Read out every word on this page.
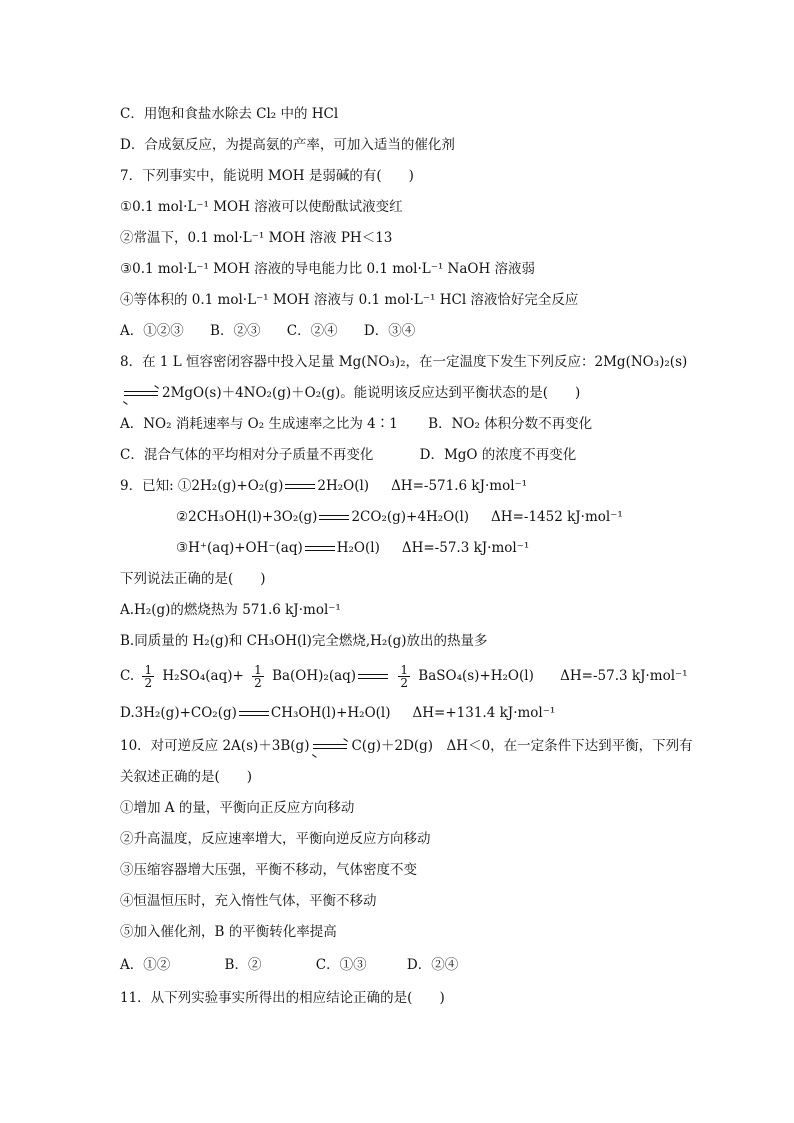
C．用饱和食盐水除去 Cl₂ 中的 HCl
D．合成氨反应，为提高氨的产率，可加入适当的催化剂
7．下列事实中，能说明 MOH 是弱碱的有(　　)
①0.1 mol·L⁻¹ MOH 溶液可以使酚酞试液变红
②常温下，0.1 mol·L⁻¹ MOH 溶液 PH＜13
③0.1 mol·L⁻¹ MOH 溶液的导电能力比 0.1 mol·L⁻¹ NaOH 溶液弱
④等体积的 0.1 mol·L⁻¹ MOH 溶液与 0.1 mol·L⁻¹ HCl 溶液恰好完全反应
A．①②③ B．②③ C．②④ D．③④
8．在 1 L 恒容密闭容器中投入足量 Mg(NO₃)₂，在一定温度下发生下列反应：2Mg(NO₃)₂(s)
→ 2MgO(s)＋4NO₂(g)＋O₂(g)。能说明该反应达到平衡状态的是(　　)
A．NO₂ 消耗速率与 O₂ 生成速率之比为 4∶1 B．NO₂ 体积分数不再变化
C．混合气体的平均相对分子质量不再变化	D．MgO 的浓度不再变化
9．已知: ①2H₂(g)+O₂(g)	2H₂O(l) ΔH=-571.6 kJ·mol⁻¹
②2CH₃OH(l)+3O₂(g)	2CO₂(g)+4H₂O(l) ΔH=-1452 kJ·mol⁻¹
③H⁺(aq)+OH⁻(aq)	H₂O(l) ΔH=-57.3 kJ·mol⁻¹
下列说法正确的是(　　)
A.H₂(g)的燃烧热为 571.6 kJ·mol⁻¹
B.同质量的 H₂(g)和 CH₃OH(l)完全燃烧,H₂(g)放出的热量多
C. $\frac{1}{2} H_2SO_4(aq)+ \frac{1}{2} Ba(OH)_2(aq)$	$\frac{1}{2}$ BaSO₄(s)+H₂O(l) ΔH=-57.3 kJ·mol⁻¹
D.3H₂(g)+CO₂(g)	CH₃OH(l)+H₂O(l) ΔH=+131.4 kJ·mol⁻¹
10．对可逆反应 2A(s)＋3B(g) → C(g)＋2D(g)　ΔH＜0，在一定条件下达到平衡，下列有
关叙述正确的是(　　)
①增加 A 的量，平衡向正反应方向移动
②升高温度，反应速率增大，平衡向逆反应方向移动
③压缩容器增大压强，平衡不移动，气体密度不变
④恒温恒压时，充入惰性气体，平衡不移动
⑤加入催化剂，B 的平衡转化率提高
A．①②	B．②	C．①③	D．②④
11．从下列实验事实所得出的相应结论正确的是(　　)
